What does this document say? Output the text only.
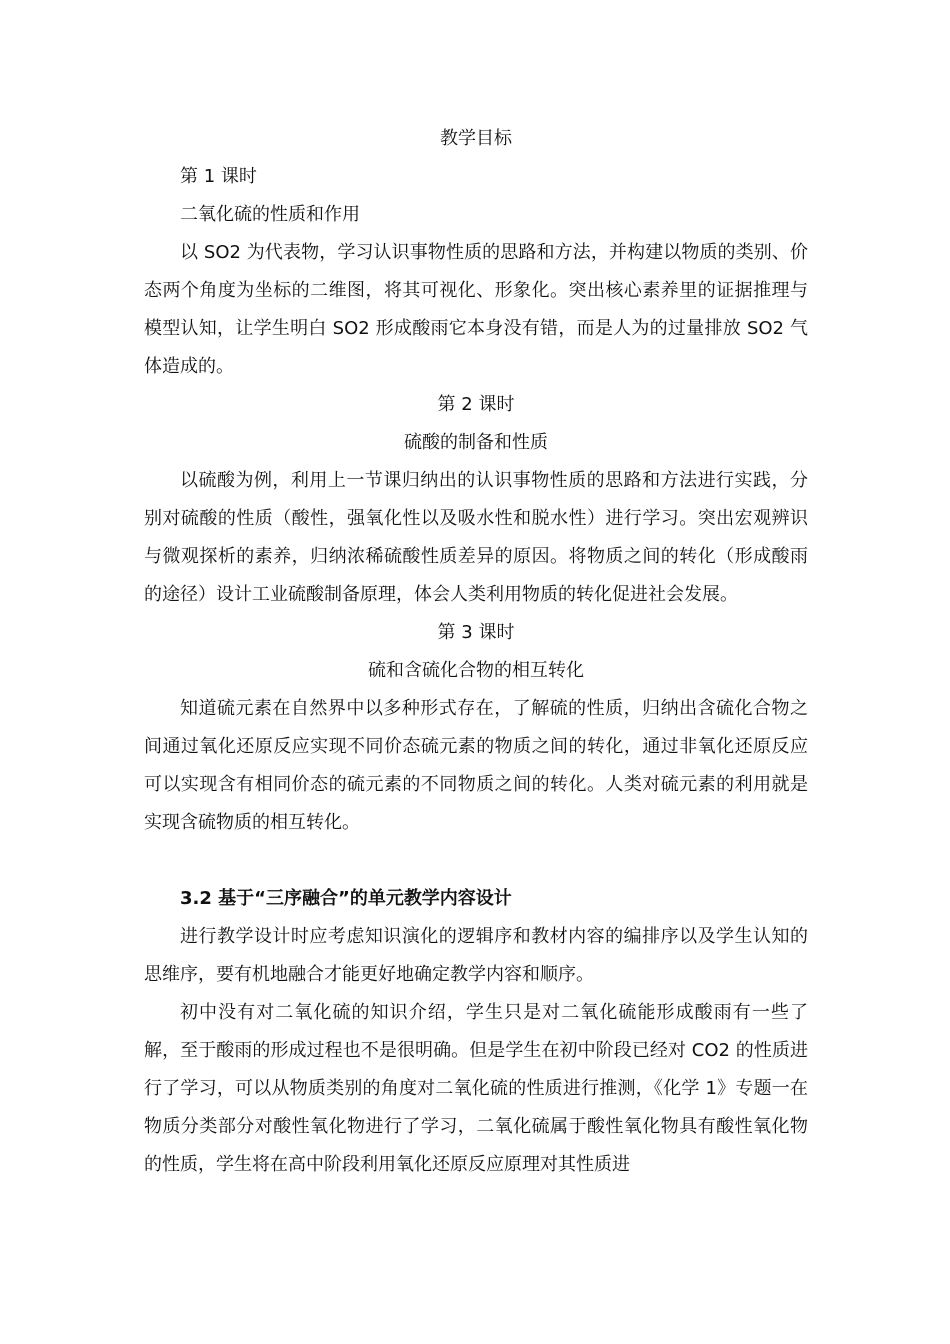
教学目标

第 1 课时

二氧化硫的性质和作用

以 SO2 为代表物，学习认识事物性质的思路和方法，并构建以物质的类别、价态两个角度为坐标的二维图，将其可视化、形象化。突出核心素养里的证据推理与模型认知，让学生明白 SO2 形成酸雨它本身没有错，而是人为的过量排放 SO2 气体造成的。

第 2 课时

硫酸的制备和性质

以硫酸为例，利用上一节课归纳出的认识事物性质的思路和方法进行实践，分别对硫酸的性质（酸性，强氧化性以及吸水性和脱水性）进行学习。突出宏观辨识与微观探析的素养，归纳浓稀硫酸性质差异的原因。将物质之间的转化（形成酸雨的途径）设计工业硫酸制备原理，体会人类利用物质的转化促进社会发展。

第 3 课时

硫和含硫化合物的相互转化

知道硫元素在自然界中以多种形式存在，了解硫的性质，归纳出含硫化合物之间通过氧化还原反应实现不同价态硫元素的物质之间的转化，通过非氧化还原反应可以实现含有相同价态的硫元素的不同物质之间的转化。人类对硫元素的利用就是实现含硫物质的相互转化。

3.2 基于“三序融合”的单元教学内容设计

进行教学设计时应考虑知识演化的逻辑序和教材内容的编排序以及学生认知的思维序，要有机地融合才能更好地确定教学内容和顺序。

初中没有对二氧化硫的知识介绍，学生只是对二氧化硫能形成酸雨有一些了解，至于酸雨的形成过程也不是很明确。但是学生在初中阶段已经对 CO2 的性质进行了学习，可以从物质类别的角度对二氧化硫的性质进行推测，《化学 1》专题一在物质分类部分对酸性氧化物进行了学习，二氧化硫属于酸性氧化物具有酸性氧化物的性质，学生将在高中阶段利用氧化还原反应原理对其性质进
